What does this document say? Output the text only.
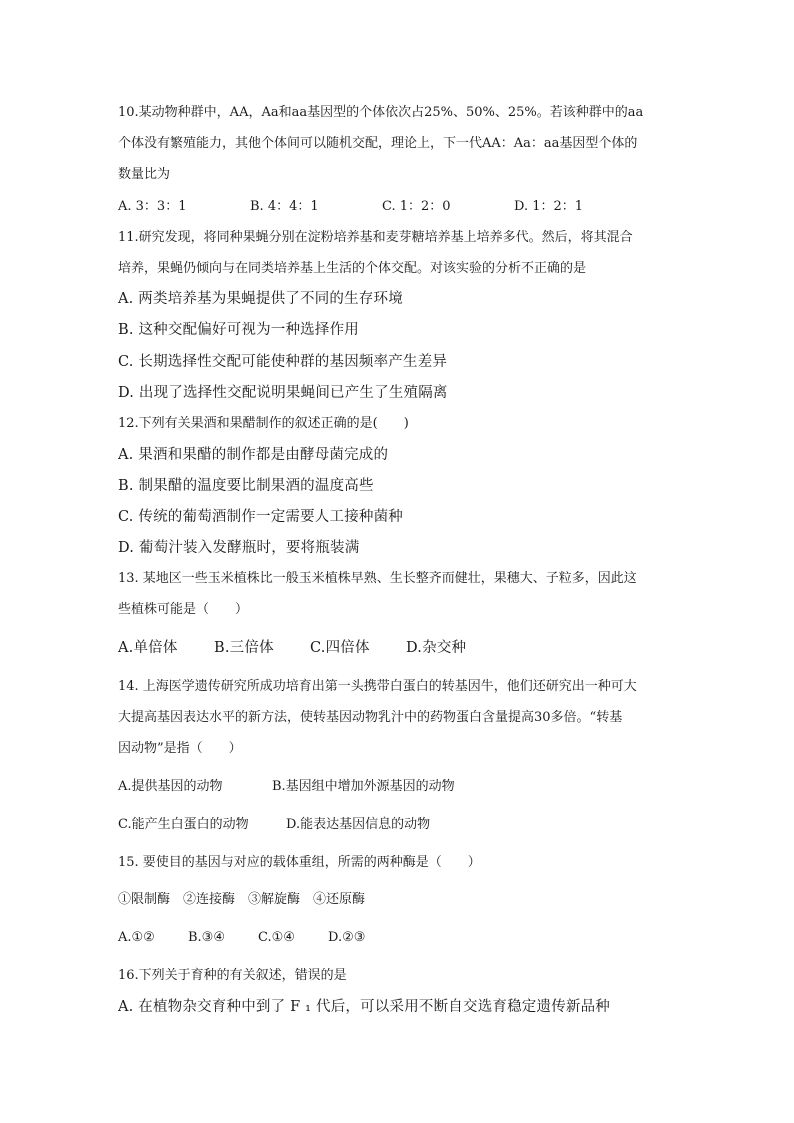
10.某动物种群中，AA，Aa和aa基因型的个体依次占25%、50%、25%。若该种群中的aa
个体没有繁殖能力，其他个体间可以随机交配，理论上，下一代AA：Aa：aa基因型个体的
数量比为
A. 3：3：1	B. 4：4：1	C. 1：2：0	D. 1：2：1
11.研究发现，将同种果蝇分别在淀粉培养基和麦芽糖培养基上培养多代。然后，将其混合
培养，果蝇仍倾向与在同类培养基上生活的个体交配。对该实验的分析不正确的是
A. 两类培养基为果蝇提供了不同的生存环境
B. 这种交配偏好可视为一种选择作用
C. 长期选择性交配可能使种群的基因频率产生差异
D. 出现了选择性交配说明果蝇间已产生了生殖隔离
12.下列有关果酒和果醋制作的叙述正确的是(　　)
A. 果酒和果醋的制作都是由酵母菌完成的
B. 制果醋的温度要比制果酒的温度高些
C. 传统的葡萄酒制作一定需要人工接种菌种
D. 葡萄汁装入发酵瓶时，要将瓶装满
13. 某地区一些玉米植株比一般玉米植株早熟、生长整齐而健壮，果穗大、子粒多，因此这
些植株可能是（　　）
A.单倍体	B.三倍体 C.四倍体	D.杂交种
14. 上海医学遗传研究所成功培育出第一头携带白蛋白的转基因牛，他们还研究出一种可大
大提高基因表达水平的新方法，使转基因动物乳汁中的药物蛋白含量提高30多倍。“转基
因动物”是指（　　）
A.提供基因的动物	B.基因组中增加外源基因的动物
C.能产生白蛋白的动物	D.能表达基因信息的动物
15. 要使目的基因与对应的载体重组，所需的两种酶是（　　）
①限制酶　②连接酶　③解旋酶　④还原酶
A.①②	B.③④	C.①④	D.②③
16.下列关于育种的有关叙述，错误的是
A. 在植物杂交育种中到了 F ₁ 代后，可以采用不断自交选育稳定遗传新品种
